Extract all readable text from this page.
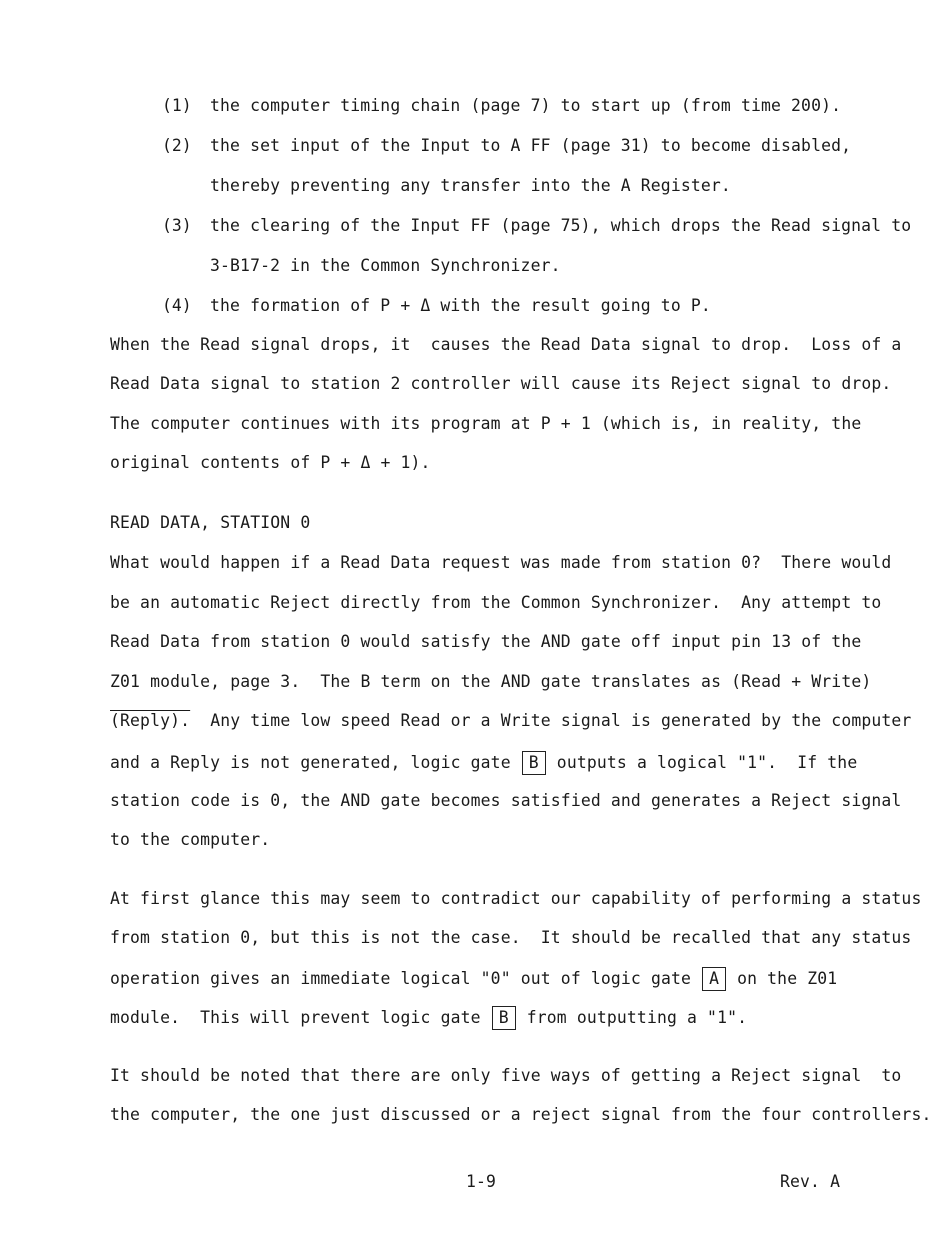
(1) the computer timing chain (page 7) to start up (from time 200).
(2) the set input of the Input to A FF (page 31) to become disabled,
thereby preventing any transfer into the A Register.
(3) the clearing of the Input FF (page 75), which drops the Read signal to
3-B17-2 in the Common Synchronizer.
(4) the formation of P + Δ with the result going to P.
When the Read signal drops, it  causes the Read Data signal to drop.  Loss of a
Read Data signal to station 2 controller will cause its Reject signal to drop.
The computer continues with its program at P + 1 (which is, in reality, the
original contents of P + Δ + 1).
READ DATA, STATION 0
What would happen if a Read Data request was made from station 0?  There would
be an automatic Reject directly from the Common Synchronizer.  Any attempt to
Read Data from station 0 would satisfy the AND gate off input pin 13 of the
Z01 module, page 3.  The B term on the AND gate translates as (Read + Write)
(Reply).  Any time low speed Read or a Write signal is generated by the computer
and a Reply is not generated, logic gate B outputs a logical "1".  If the
station code is 0, the AND gate becomes satisfied and generates a Reject signal
to the computer.
At first glance this may seem to contradict our capability of performing a status
from station 0, but this is not the case.  It should be recalled that any status
operation gives an immediate logical "0" out of logic gate A on the Z01
module.  This will prevent logic gate B from outputting a "1".
It should be noted that there are only five ways of getting a Reject signal  to
the computer, the one just discussed or a reject signal from the four controllers.
1-9	Rev. A
